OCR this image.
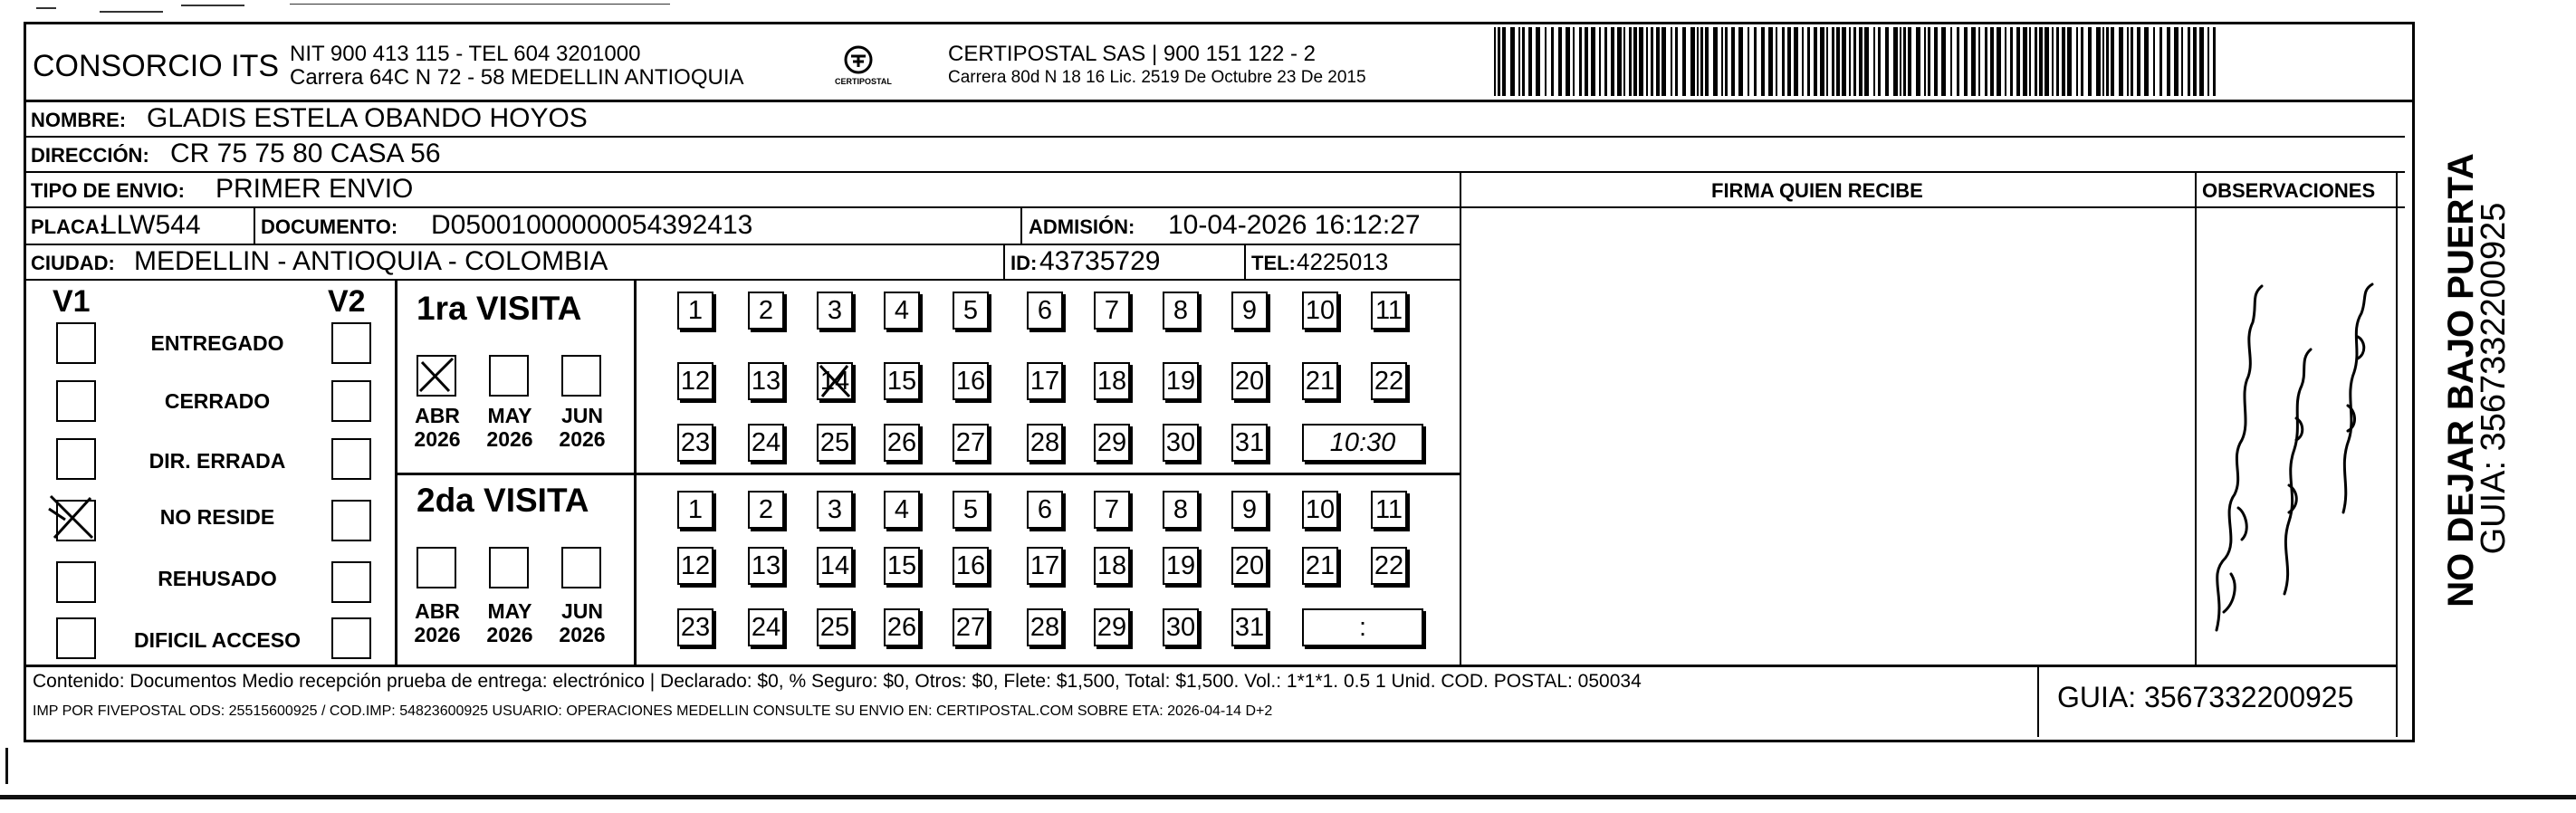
CONSORCIO ITS NIT 900 413 115 - TEL 604 3201000
Carrera 64C N 72 - 58 MEDELLIN ANTIOQUIA	CERTIPOSTAL
CERTIPOSTAL SAS | 900 151 122 - 2
Carrera 80d N 18 16 Lic. 2519 De Octubre 23 De 2015
NOMBRE: GLADIS ESTELA OBANDO HOYOS
DIRECCIÓN: CR 75 75 80 CASA 56
TIPO DE ENVIO: PRIMER ENVIO	FIRMA QUIEN RECIBE	OBSERVACIONES
PLACA:
LLW544	DOCUMENTO: D05001000000054392413	ADMISIÓN: 10-04-2026 16:12:27
CIUDAD: MEDELLIN - ANTIOQUIA - COLOMBIA	ID: 43735729	TEL: 4225013
V1	V2
ENTREGADO
CERRADO
DIR. ERRADA
NO RESIDE
REHUSADO
DIFICIL ACCESO
1ra VISITA
2da VISITA
ABR
2026
MAY
2026
JUN
2026
1	2	3	4	5	6	7	8	9	10 11
12 13 14 15 16 17 18 19 20 21 22
23 24 25 26 27 28 29 30 31	10:30
ABR
2026
MAY
2026
JUN
2026
1	2	3	4	5	6	7	8	9	10 11
12 13 14 15 16 17 18 19 20 21 22
23 24 25 26 27 28 29 30 31	:
NO DEJAR BAJO PUERTA
GUIA: 3567332200925
Contenido: Documentos Medio recepción prueba de entrega: electrónico | Declarado: $0, % Seguro: $0, Otros: $0, Flete: $1,500, Total: $1,500. Vol.: 1*1*1. 0.5 1 Unid. COD. POSTAL: 050034
IMP POR FIVEPOSTAL ODS: 25515600925 / COD.IMP: 54823600925 USUARIO: OPERACIONES MEDELLIN CONSULTE SU ENVIO EN: CERTIPOSTAL.COM SOBRE ETA: 2026-04-14 D+2	GUIA: 3567332200925
